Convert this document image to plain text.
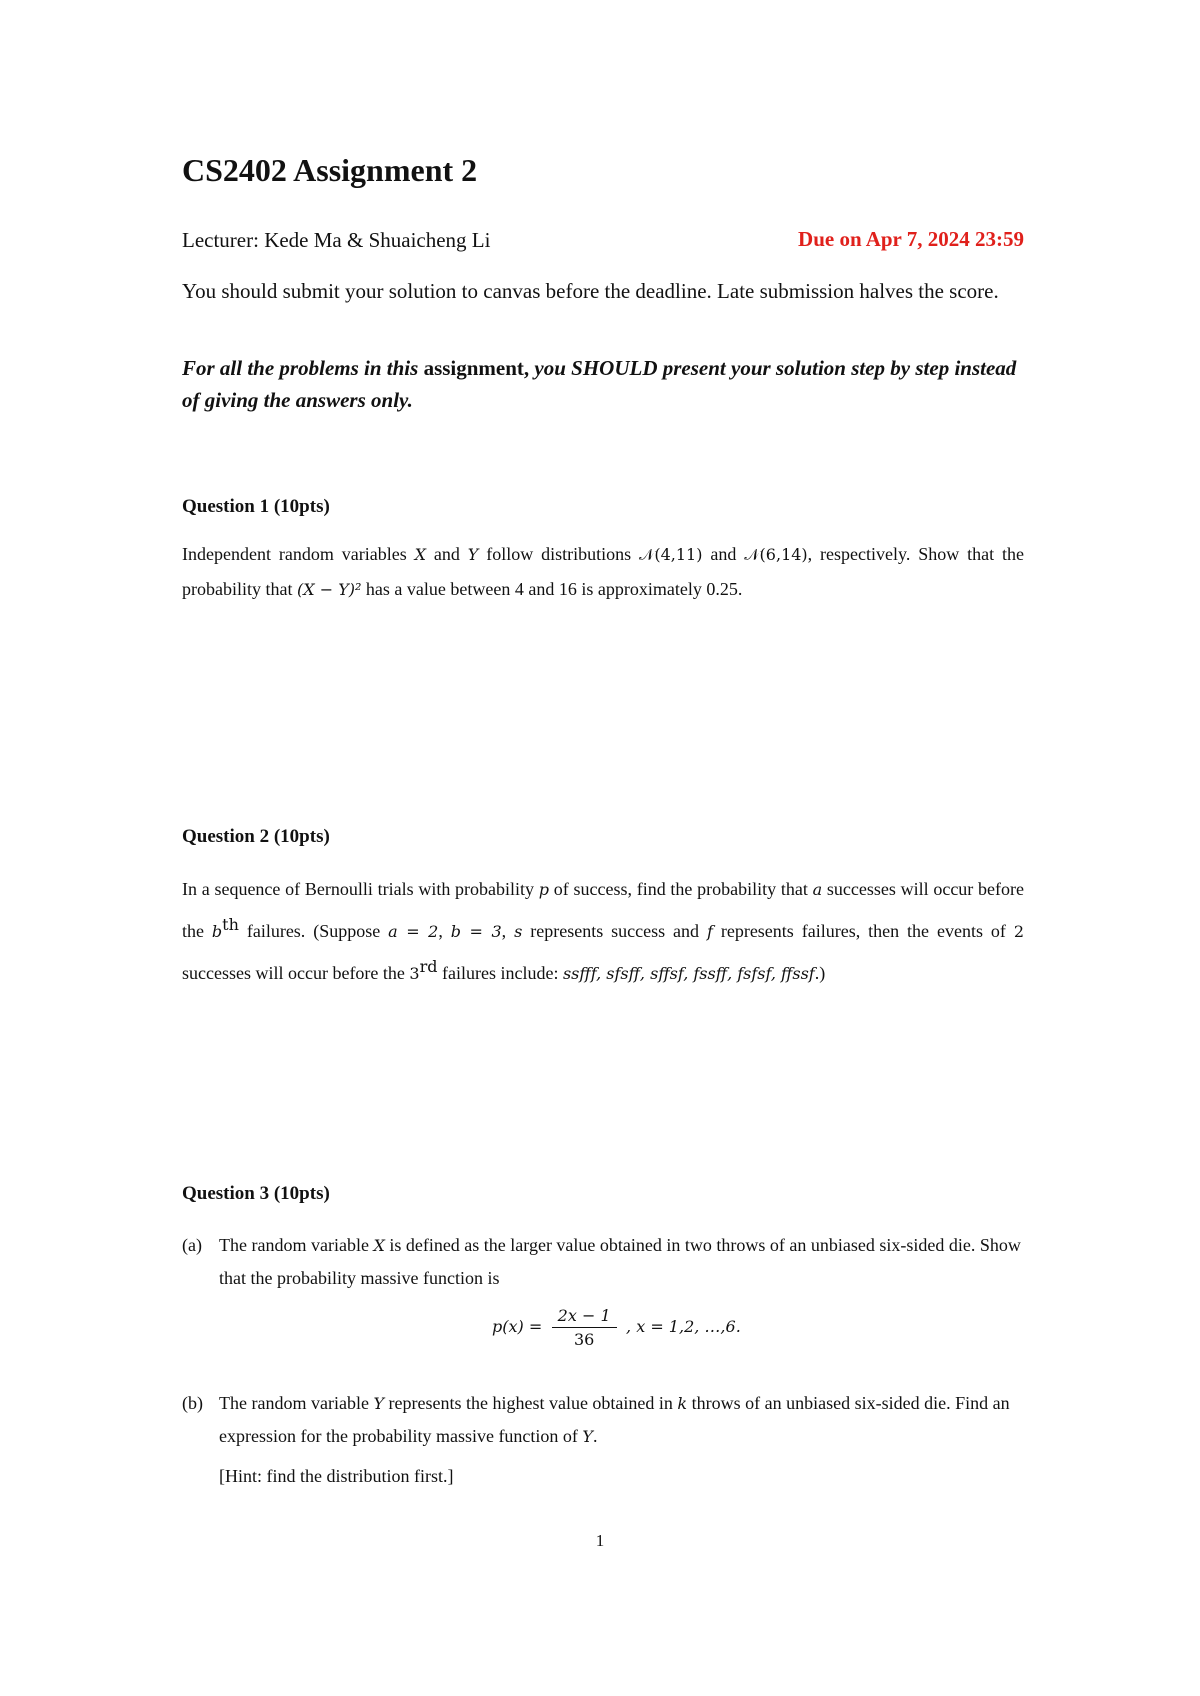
CS2402 Assignment 2
Lecturer: Kede Ma & Shuaicheng Li	Due on Apr 7, 2024 23:59
You should submit your solution to canvas before the deadline. Late submission halves the score.
For all the problems in this assignment, you SHOULD present your solution step by step instead of giving the answers only.
Question 1 (10pts)
Independent random variables X and Y follow distributions 𝒩(4,11) and 𝒩(6,14), respectively. Show that the probability that (X − Y)² has a value between 4 and 16 is approximately 0.25.
Question 2 (10pts)
In a sequence of Bernoulli trials with probability p of success, find the probability that a successes will occur before the $b^{th}$ failures. (Suppose a = 2, b = 3, s represents success and f represents failures, then the events of 2 successes will occur before the 3rd failures include: ssfff, sfsff, sffsf, fssff, fsfsf, ffssf.)
Question 3 (10pts)
(a) The random variable X is defined as the larger value obtained in two throws of an unbiased six-sided die. Show that the probability massive function is
$p(x) = \frac{2x - 1}{36}$ , x = 1,2, …,6.
(b) The random variable Y represents the highest value obtained in k throws of an unbiased six-sided die. Find an expression for the probability massive function of Y.
[Hint: find the distribution first.]
1
